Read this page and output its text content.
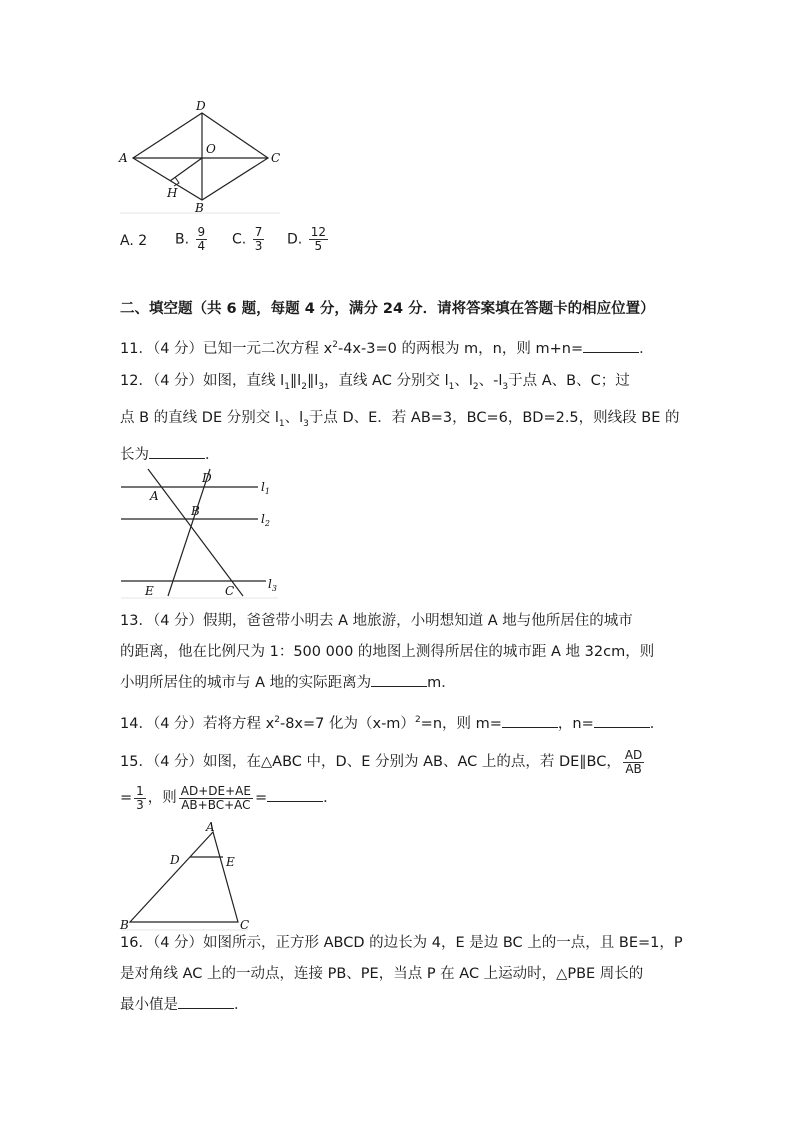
A
D
O
C
H
B
A. 2 B. $\frac{9}{4} C$. $\frac{7}{3} D$. $\frac{12}{5}$
二、填空题（共 6 题，每题 4 分，满分 24 分．请将答案填在答题卡的相应位置）
11．（4 分）已知一元二次方程 $x^2-4x-3=0$ 的两根为 m，n，则 m+n=	．
12．（4 分）如图，直线 $l_1\parallel l_2\parallel l_3$，直线 AC 分别交 $l_1$、$l_2$、$-l_3$于点 A、B、C；过
点 B 的直线 DE 分别交 $l_1$、$l_3$于点 D、E．若 AB=3，BC=6，BD=2.5，则线段 BE 的
长为	．
A
D
B
E	C
$l_1$
$l_2$
$l_3$
13．（4 分）假期，爸爸带小明去 A 地旅游，小明想知道 A 地与他所居住的城市
的距离，他在比例尺为 1：500 000 的地图上测得所居住的城市距 A 地 32cm，则
小明所居住的城市与 A 地的实际距离为	m．
14．（4 分）若将方程 $x^2-8x=7$ 化为$(x-m)^2=n$，则 m=	，n=	．
15．（4 分）如图，在△ABC 中，D、E 分别为 AB、AC 上的点，若 DE∥BC， $\frac{AD}{AB}$
= $\frac{1}{3}$ ，则 $\frac{AD+DE+AE}{AB+BC+AC}$ =	．
A
D	E
B	C
16．（4 分）如图所示，正方形 ABCD 的边长为 4，E 是边 BC 上的一点，且 BE=1，P
是对角线 AC 上的一动点，连接 PB、PE，当点 P 在 AC 上运动时，△PBE 周长的
最小值是	．
